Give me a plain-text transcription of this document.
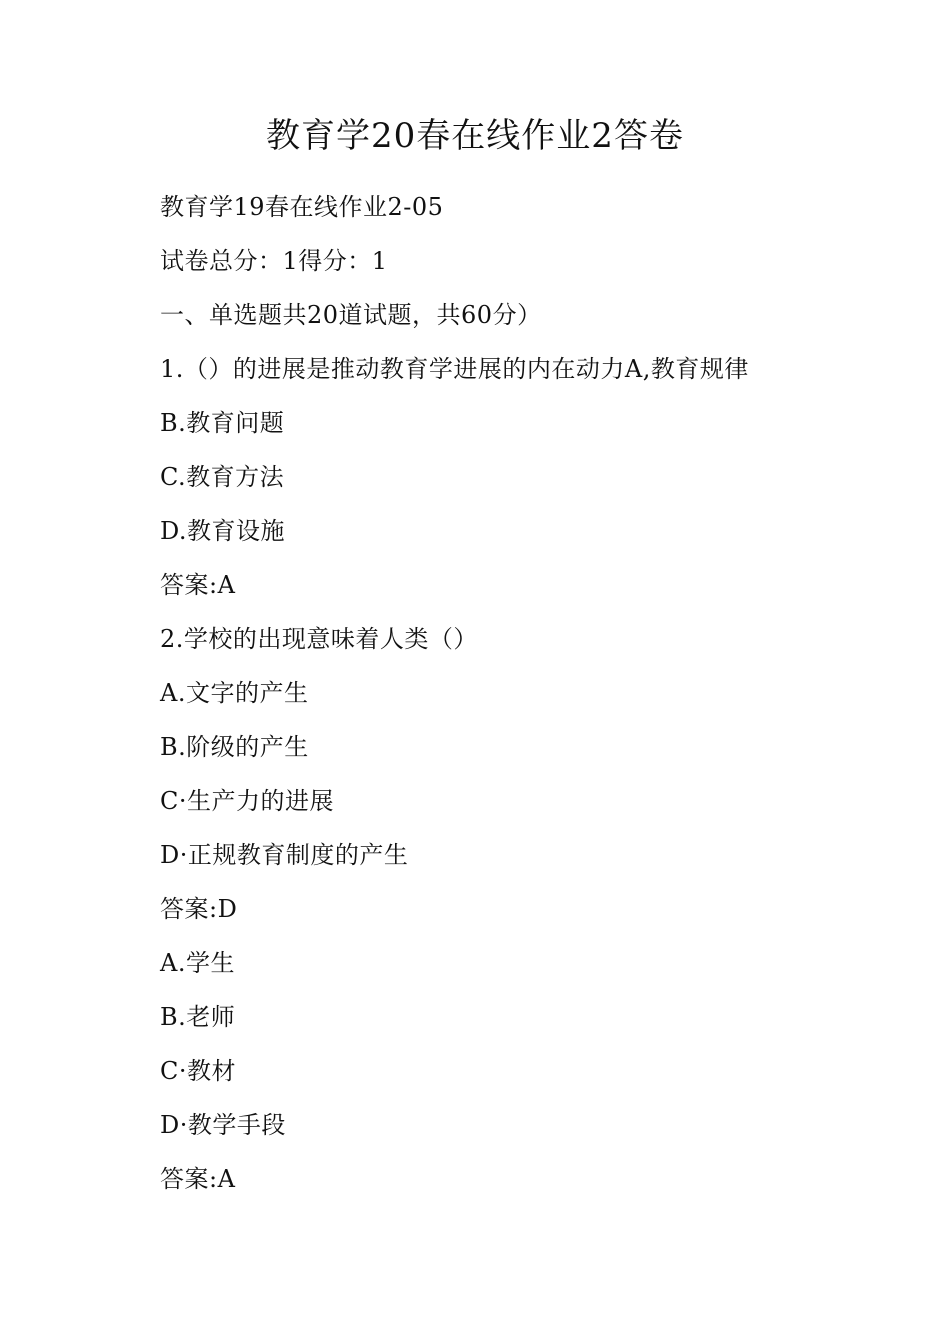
教育学20春在线作业2答卷
教育学19春在线作业2-05
试卷总分：1得分：1
一、单选题共20道试题，共60分）
1.（）的进展是推动教育学进展的内在动力A,教育规律
B.教育问题
C.教育方法
D.教育设施
答案:A
2.学校的出现意味着人类（）
A.文字的产生
B.阶级的产生
C·生产力的进展
D·正规教育制度的产生
答案:D
A.学生
B.老师
C·教材
D·教学手段
答案:A
